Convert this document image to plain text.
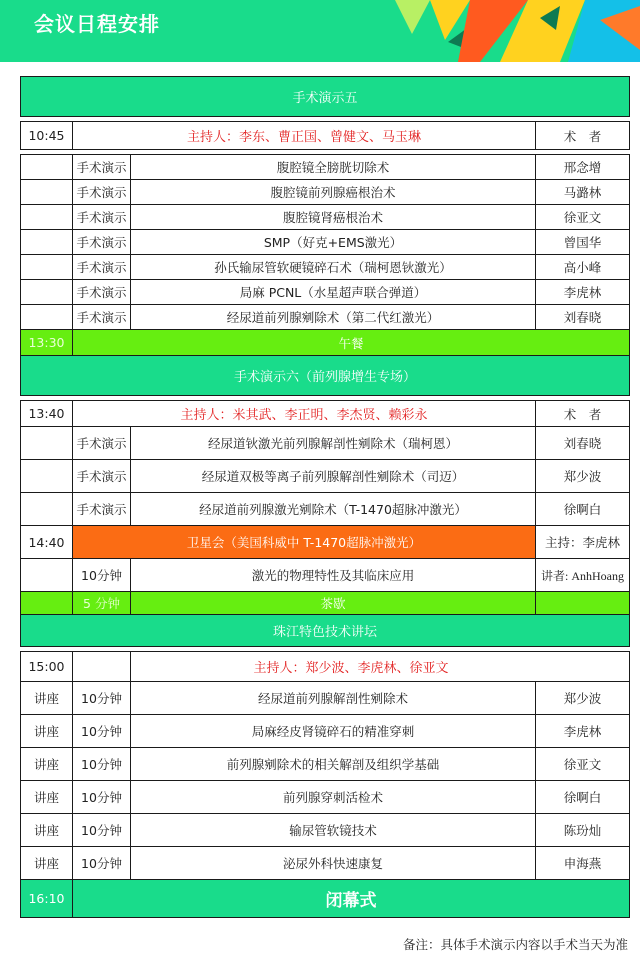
会议日程安排
手术演示五			

10:45	主持人：李东、曹正国、曾健文、马玉琳		术　者

	手术演示	腹腔镜全膀胱切除术	邢念增
	手术演示	腹腔镜前列腺癌根治术	马潞林
	手术演示	腹腔镜肾癌根治术	徐亚文
	手术演示	SMP（好克+EMS激光）	曾国华
	手术演示	孙氏输尿管软硬镜碎石术（瑞柯恩钬激光）	高小峰
	手术演示	局麻 PCNL（水星超声联合弹道）	李虎林
	手术演示	经尿道前列腺剜除术（第二代红激光）	刘春晓
13:30	午餐		
手术演示六（前列腺增生专场）			

13:40	主持人：米其武、李正明、李杰贤、赖彩永		术　者
	手术演示	经尿道钬激光前列腺解剖性剜除术（瑞柯恩）	刘春晓
	手术演示	经尿道双极等离子前列腺解剖性剜除术（司迈）	郑少波
	手术演示	经尿道前列腺激光剜除术（T-1470超脉冲激光）	徐啊白
14:40	卫星会（美国科威中 T-1470超脉冲激光）		主持：李虎林
	10分钟	激光的物理特性及其临床应用	讲者: AnhHoang
	5 分钟	茶歇	
珠江特色技术讲坛			

15:00		主持人：郑少波、李虎林、徐亚文	
讲座	10分钟	经尿道前列腺解剖性剜除术	郑少波
讲座	10分钟	局麻经皮肾镜碎石的精准穿刺	李虎林
讲座	10分钟	前列腺剜除术的相关解剖及组织学基础	徐亚文
讲座	10分钟	前列腺穿刺活检术	徐啊白
讲座	10分钟	输尿管软镜技术	陈玢灿
讲座	10分钟	泌尿外科快速康复	申海燕
16:10	闭幕式		
备注：具体手术演示内容以手术当天为准
